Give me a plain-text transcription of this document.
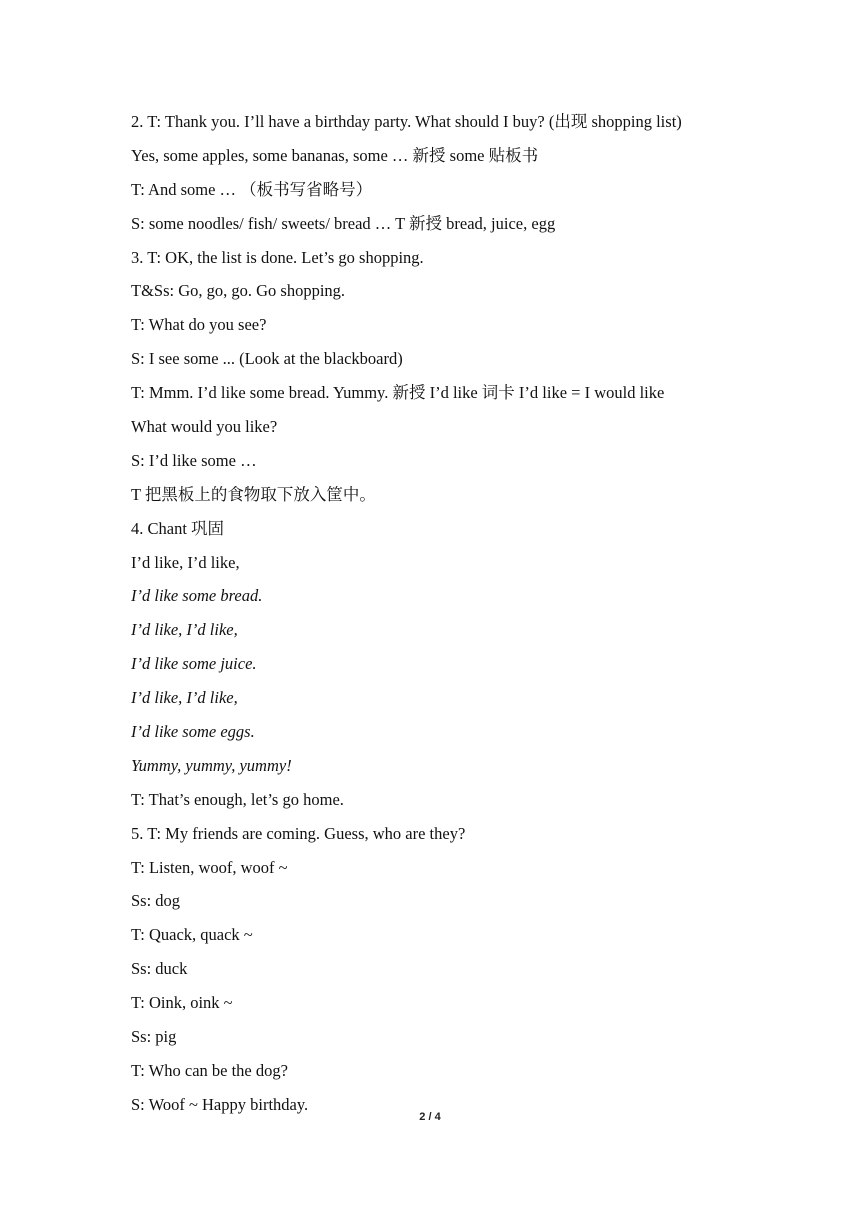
2. T: Thank you. I’ll have a birthday party. What should I buy? (出现 shopping list)
Yes, some apples, some bananas, some … 新授 some 贴板书
T: And some … （板书写省略号）
S: some noodles/ fish/ sweets/ bread … T 新授 bread, juice, egg
3. T: OK, the list is done. Let’s go shopping.
T&Ss: Go, go, go. Go shopping.
T: What do you see?
S: I see some ... (Look at the blackboard)
T: Mmm. I’d like some bread. Yummy. 新授 I’d like 词卡 I’d like = I would like
What would you like?
S: I’d like some …
T 把黑板上的食物取下放入筐中。
4. Chant 巩固
I’d like, I’d like,
I’d like some bread.
I’d like, I’d like,
I’d like some juice.
I’d like, I’d like,
I’d like some eggs.
Yummy, yummy, yummy!
T: That’s enough, let’s go home.
5. T: My friends are coming. Guess, who are they?
T: Listen, woof, woof ~
Ss: dog
T: Quack, quack ~
Ss: duck
T: Oink, oink ~
Ss: pig
T: Who can be the dog?
S: Woof ~ Happy birthday.
2 / 4
